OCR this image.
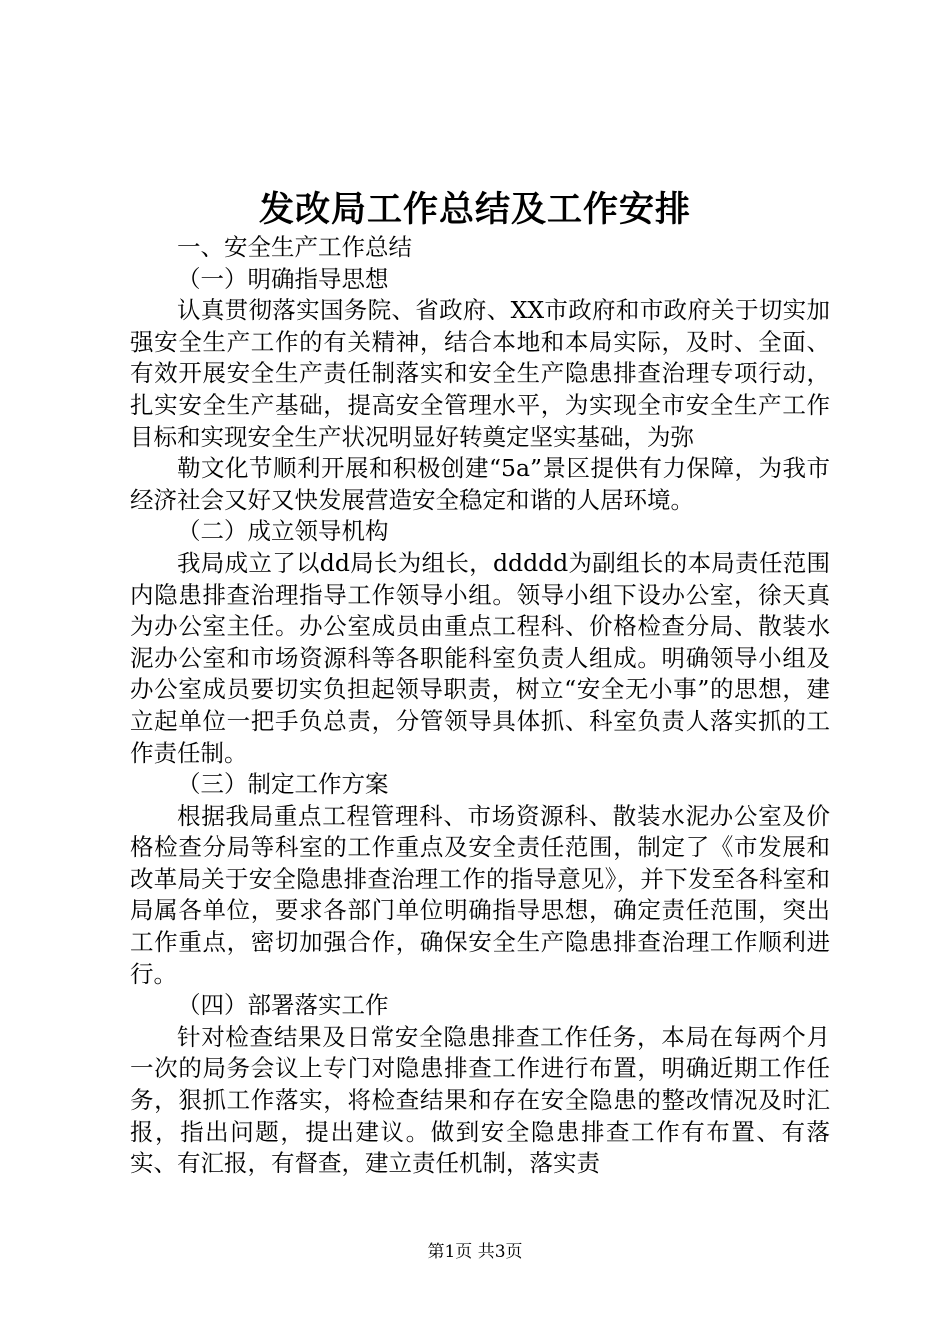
发改局工作总结及工作安排

一、安全生产工作总结

（一）明确指导思想

认真贯彻落实国务院、省政府、XX市政府和市政府关于切实加强安全生产工作的有关精神，结合本地和本局实际，及时、全面、有效开展安全生产责任制落实和安全生产隐患排查治理专项行动，扎实安全生产基础，提高安全管理水平，为实现全市安全生产工作目标和实现安全生产状况明显好转奠定坚实基础，为弥

勒文化节顺利开展和积极创建“5a”景区提供有力保障，为我市经济社会又好又快发展营造安全稳定和谐的人居环境。

（二）成立领导机构

我局成立了以dd局长为组长，ddddd为副组长的本局责任范围内隐患排查治理指导工作领导小组。领导小组下设办公室，徐天真为办公室主任。办公室成员由重点工程科、价格检查分局、散装水泥办公室和市场资源科等各职能科室负责人组成。明确领导小组及办公室成员要切实负担起领导职责，树立“安全无小事”的思想，建立起单位一把手负总责，分管领导具体抓、科室负责人落实抓的工作责任制。

（三）制定工作方案

根据我局重点工程管理科、市场资源科、散装水泥办公室及价格检查分局等科室的工作重点及安全责任范围，制定了《市发展和改革局关于安全隐患排查治理工作的指导意见》，并下发至各科室和局属各单位，要求各部门单位明确指导思想，确定责任范围，突出工作重点，密切加强合作，确保安全生产隐患排查治理工作顺利进行。

（四）部署落实工作

针对检查结果及日常安全隐患排查工作任务，本局在每两个月一次的局务会议上专门对隐患排查工作进行布置，明确近期工作任务，狠抓工作落实，将检查结果和存在安全隐患的整改情况及时汇报，指出问题，提出建议。做到安全隐患排查工作有布置、有落实、有汇报，有督查，建立责任机制，落实责

第1页 共3页
